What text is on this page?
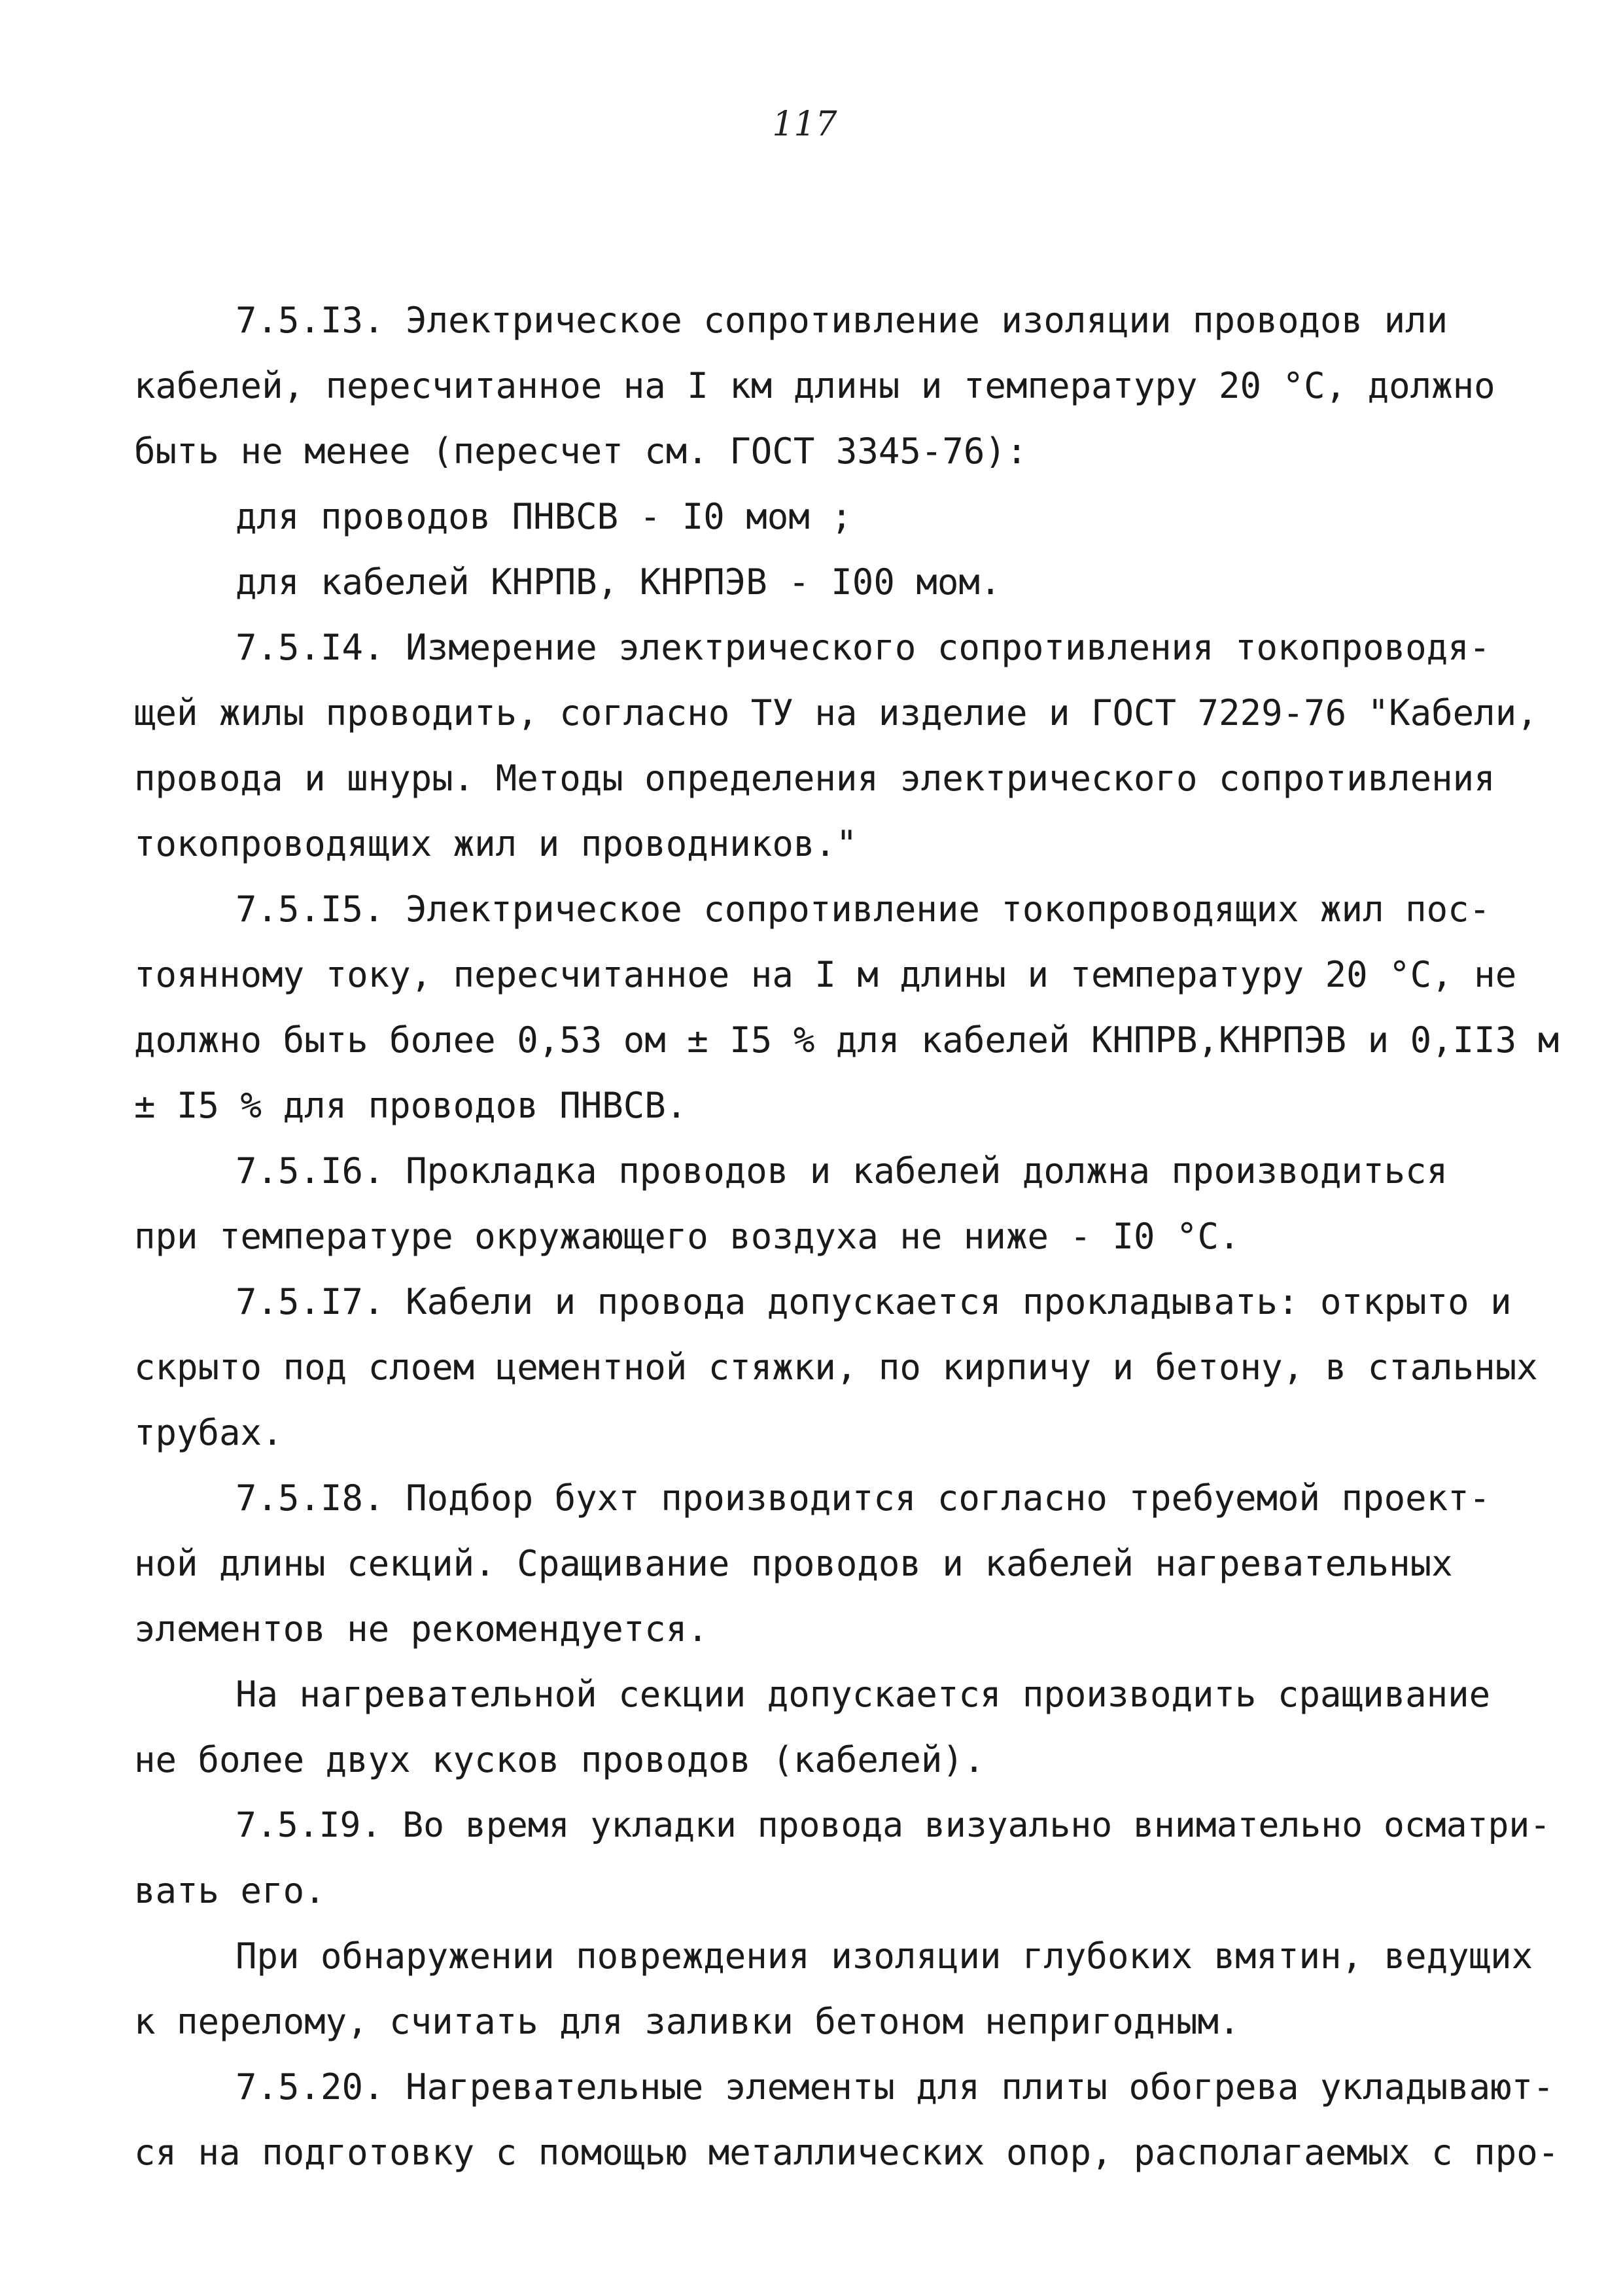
117
7.5.I3. Электрическое сопротивление изоляции проводов или
кабелей, пересчитанное на I км длины и температуру 20 °С, должно
быть не менее (пересчет см. ГОСТ 3345-76):
для проводов ПНВСВ - I0 мом ;
для кабелей КНРПВ, КНРПЭВ - I00 мом.
7.5.I4. Измерение электрического сопротивления токопроводя-
щей жилы проводить, согласно ТУ на изделие и ГОСТ 7229-76 "Кабели,
провода и шнуры. Методы определения электрического сопротивления
токопроводящих жил и проводников."
7.5.I5. Электрическое сопротивление токопроводящих жил пос-
тоянному току, пересчитанное на I м длины и температуру 20 °С, не
должно быть более 0,53 ом ± I5 % для кабелей КНПРВ,КНРПЭВ и 0,II3 м
± I5 % для проводов ПНВСВ.
7.5.I6. Прокладка проводов и кабелей должна производиться
при температуре окружающего воздуха не ниже - I0 °С.
7.5.I7. Кабели и провода допускается прокладывать: открыто и
скрыто под слоем цементной стяжки, по кирпичу и бетону, в стальных
трубах.
7.5.I8. Подбор бухт производится согласно требуемой проект-
ной длины секций. Сращивание проводов и кабелей нагревательных
элементов не рекомендуется.
На нагревательной секции допускается производить сращивание
не более двух кусков проводов (кабелей).
7.5.I9. Во время укладки провода визуально внимательно осматри-
вать его.
При обнаружении повреждения изоляции глубоких вмятин, ведущих
к перелому, считать для заливки бетоном непригодным.
7.5.20. Нагревательные элементы для плиты обогрева укладывают-
ся на подготовку с помощью металлических опор, располагаемых с про-
